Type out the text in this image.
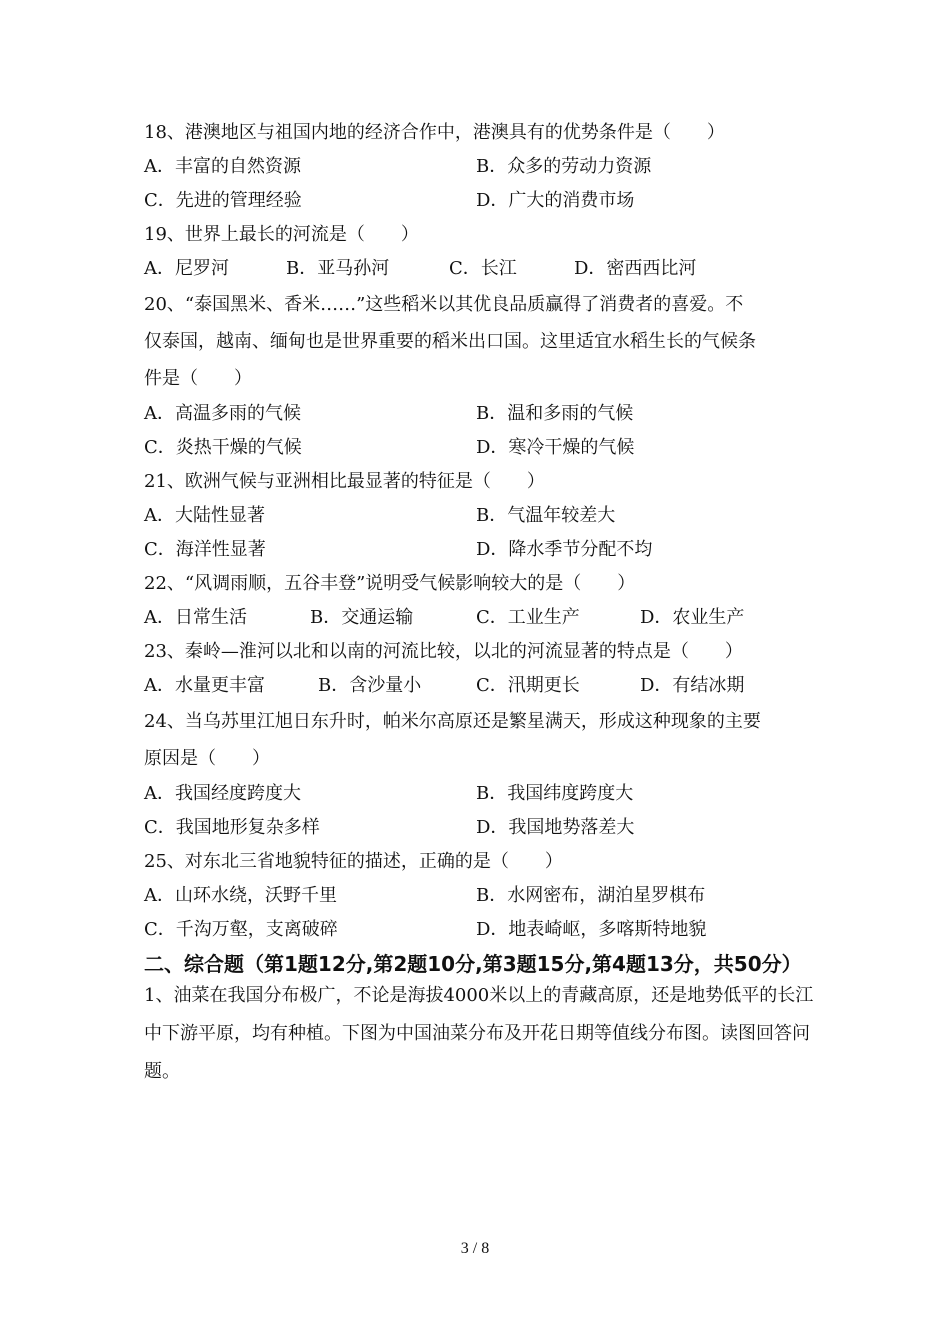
18、港澳地区与祖国内地的经济合作中，港澳具有的优势条件是（　　）
A．丰富的自然资源	B．众多的劳动力资源
C．先进的管理经验	D．广大的消费市场
19、世界上最长的河流是（　　）
A．尼罗河	B．亚马孙河	C．长江	D．密西西比河
20、“泰国黑米、香米……”这些稻米以其优良品质赢得了消费者的喜爱。不
仅泰国，越南、缅甸也是世界重要的稻米出口国。这里适宜水稻生长的气候条
件是（　　）
A．高温多雨的气候	B．温和多雨的气候
C．炎热干燥的气候	D．寒冷干燥的气候
21、欧洲气候与亚洲相比最显著的特征是（　　）
A．大陆性显著	B．气温年较差大
C．海洋性显著	D．降水季节分配不均
22、“风调雨顺，五谷丰登”说明受气候影响较大的是（　　）
A．日常生活	B．交通运输	C．工业生产	D．农业生产
23、秦岭—淮河以北和以南的河流比较，以北的河流显著的特点是（　　）
A．水量更丰富	B．含沙量小	C．汛期更长	D．有结冰期
24、当乌苏里江旭日东升时，帕米尔高原还是繁星满天，形成这种现象的主要
原因是（　　）
A．我国经度跨度大	B．我国纬度跨度大
C．我国地形复杂多样	D．我国地势落差大
25、对东北三省地貌特征的描述，正确的是（　　）
A．山环水绕，沃野千里	B．水网密布，湖泊星罗棋布
C．千沟万壑，支离破碎	D．地表崎岖，多喀斯特地貌
二、综合题（第1题12分,第2题10分,第3题15分,第4题13分，共50分）
1、油菜在我国分布极广，不论是海拔4000米以上的青藏高原，还是地势低平的长江中下游平原，均有种植。下图为中国油菜分布及开花日期等值线分布图。读图回答问题。
3 / 8
